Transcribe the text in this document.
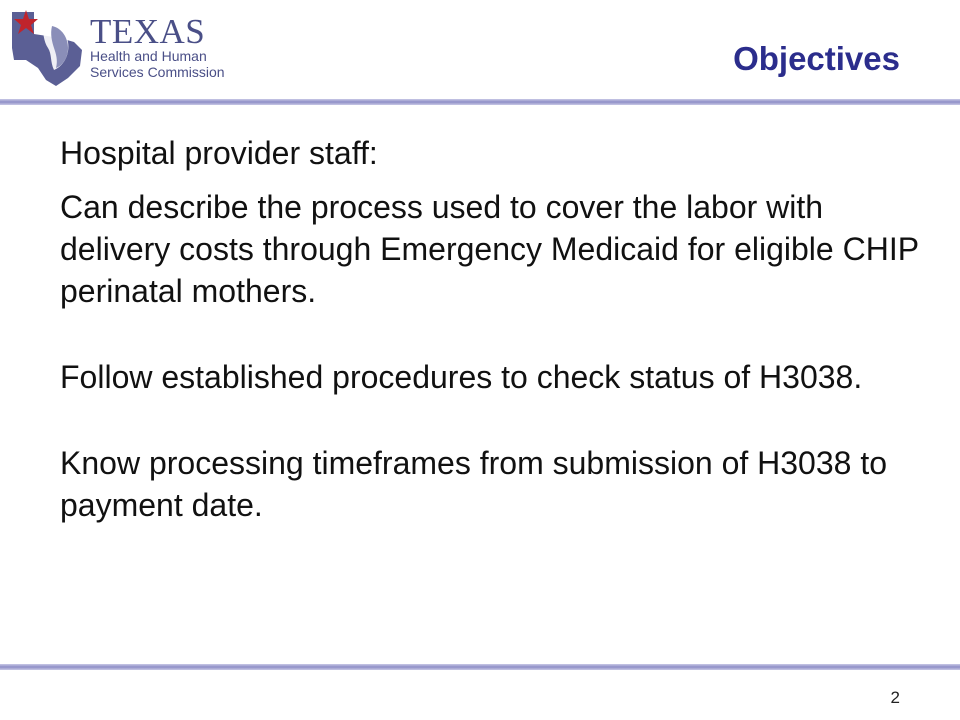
TEXAS
Health and Human
Services Commission	Objectives

Hospital provider staff:

Can describe the process used to cover the labor with delivery costs through Emergency Medicaid for eligible CHIP perinatal mothers.

Follow established procedures to check status of H3038.

Know processing timeframes from submission of H3038 to payment date.

2
